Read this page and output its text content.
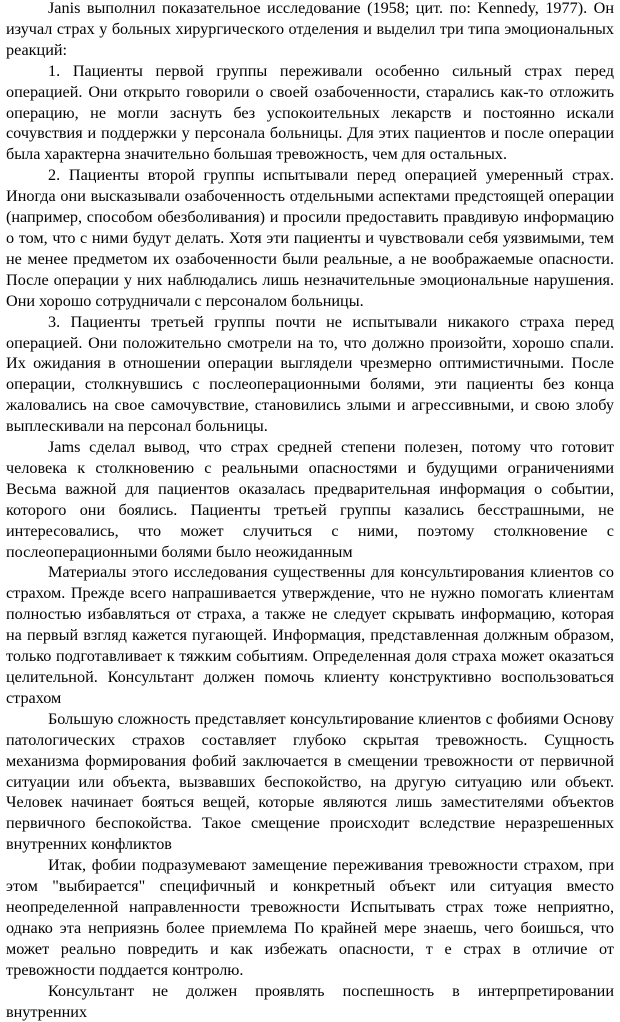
Janis выполнил показательное исследование (1958; цит. по: Kennedy, 1977). Он изучал страх у больных хирургического отделения и выделил три типа эмоциональных реакций:

1. Пациенты первой группы переживали особенно сильный страх перед операцией. Они открыто говорили о своей озабоченности, старались как-то отложить операцию, не могли заснуть без успокоительных лекарств и постоянно искали сочувствия и поддержки у персонала больницы. Для этих пациентов и после операции была характерна значительно большая тревожность, чем для остальных.

2. Пациенты второй группы испытывали перед операцией умеренный страх. Иногда они высказывали озабоченность отдельными аспектами предстоящей операции (например, способом обезболивания) и просили предоставить правдивую информацию о том, что с ними будут делать. Хотя эти пациенты и чувствовали себя уязвимыми, тем не менее предметом их озабоченности были реальные, а не воображаемые опасности. После операции у них наблюдались лишь незначительные эмоциональные нарушения. Они хорошо сотрудничали с персоналом больницы.

3. Пациенты третьей группы почти не испытывали никакого страха перед операцией. Они положительно смотрели на то, что должно произойти, хорошо спали. Их ожидания в отношении операции выглядели чрезмерно оптимистичными. После операции, столкнувшись с послеоперационными болями, эти пациенты без конца жаловались на свое самочувствие, становились злыми и агрессивными, и свою злобу выплескивали на персонал больницы.

Jams сделал вывод, что страх средней степени полезен, потому что готовит человека к столкновению с реальными опасностями и будущими ограничениями Весьма важной для пациентов оказалась предварительная информация о событии, которого они боялись. Пациенты третьей группы казались бесстрашными, не интересовались, что может случиться с ними, поэтому столкновение с послеоперационными болями было неожиданным

Материалы этого исследования существенны для консультирования клиентов со страхом. Прежде всего напрашивается утверждение, что не нужно помогать клиентам полностью избавляться от страха, а также не следует скрывать информацию, которая на первый взгляд кажется пугающей. Информация, представленная должным образом, только подготавливает к тяжким событиям. Определенная доля страха может оказаться целительной. Консультант должен помочь клиенту конструктивно воспользоваться страхом

Большую сложность представляет консультирование клиентов с фобиями Основу патологических страхов составляет глубоко скрытая тревожность. Сущность механизма формирования фобий заключается в смещении тревожности от первичной ситуации или объекта, вызвавших беспокойство, на другую ситуацию или объект. Человек начинает бояться вещей, которые являются лишь заместителями объектов первичного беспокойства. Такое смещение происходит вследствие неразрешенных внутренних конфликтов

Итак, фобии подразумевают замещение переживания тревожности страхом, при этом "выбирается" специфичный и конкретный объект или ситуация вместо неопределенной направленности тревожности Испытывать страх тоже неприятно, однако эта неприязнь более приемлема По крайней мере знаешь, чего боишься, что может реально повредить и как избежать опасности, т е страх в отличие от тревожности поддается контролю.

Консультант не должен проявлять поспешность в интерпретировании внутренних
